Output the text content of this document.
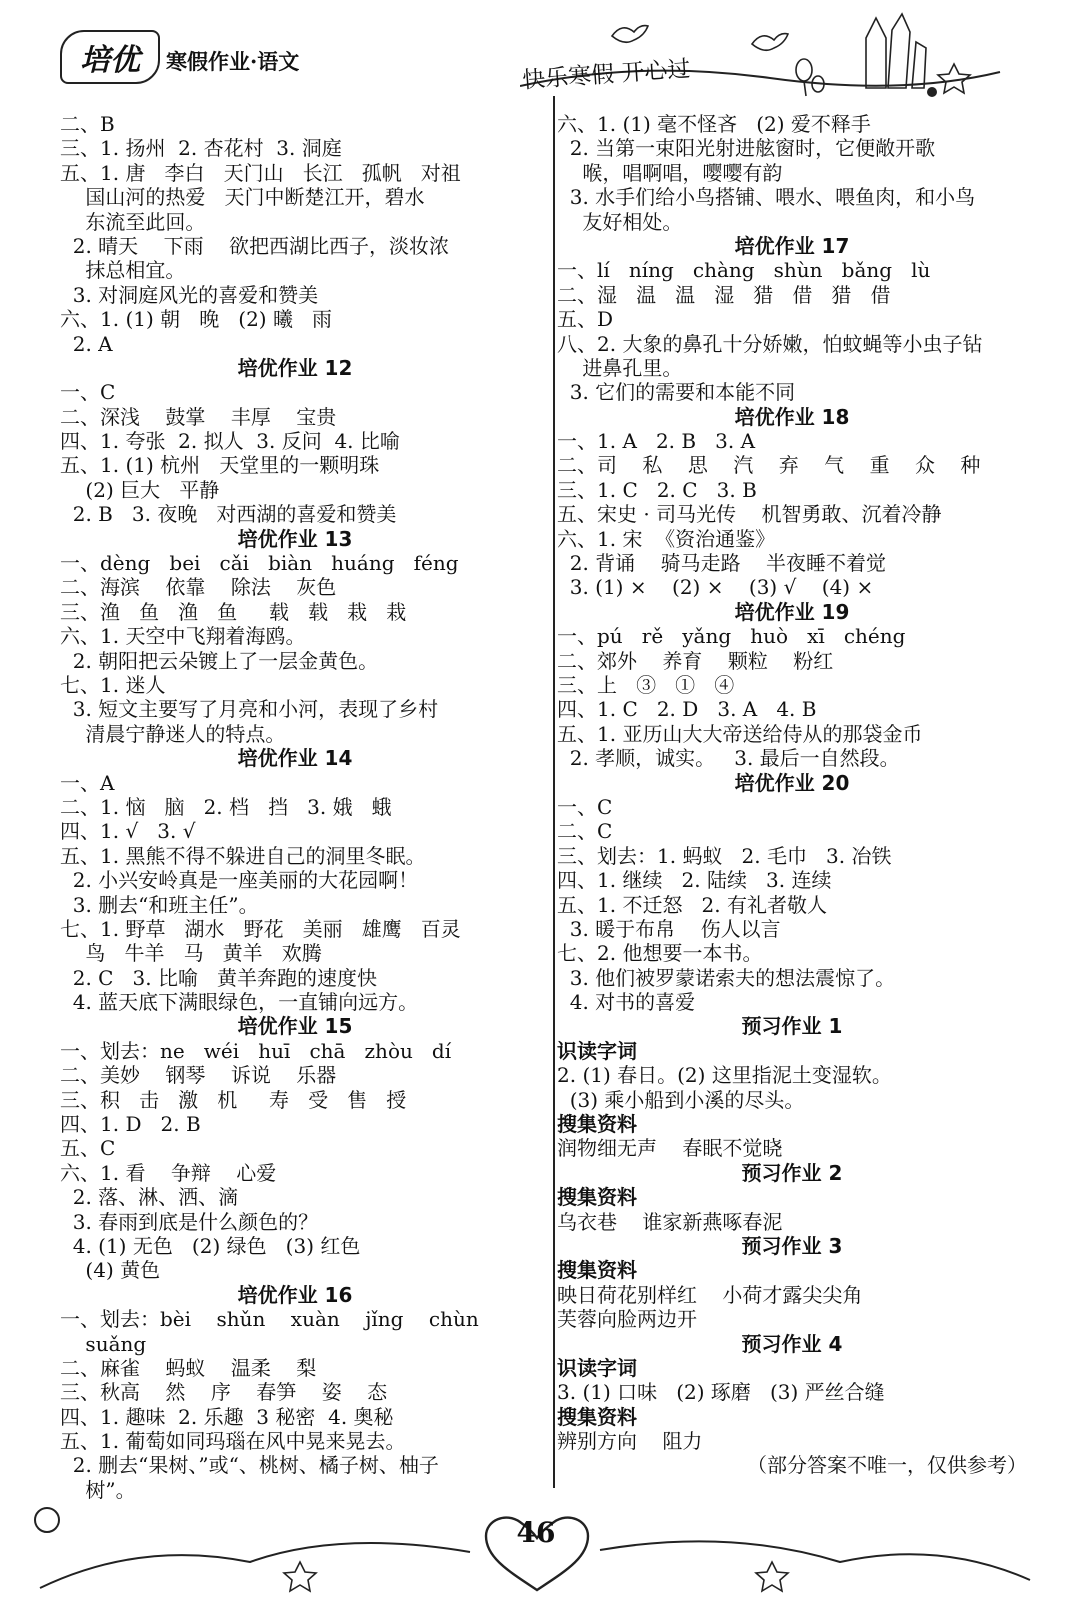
培优 寒假作业·语文	快乐寒假 开心过
二、B
三、1. 扬州  2. 杏花村  3. 洞庭
五、1. 唐   李白   天门山   长江   孤帆   对祖
国山河的热爱   天门中断楚江开，碧水
东流至此回。
2. 晴天    下雨    欲把西湖比西子，淡妆浓
抹总相宜。
3. 对洞庭风光的喜爱和赞美
六、1. (1) 朝   晚   (2) 曦   雨
2. A
培优作业 12
一、C
二、深浅    鼓掌    丰厚    宝贵
四、1. 夸张  2. 拟人  3. 反问  4. 比喻
五、1. (1) 杭州   天堂里的一颗明珠
(2) 巨大   平静
2. B   3. 夜晚   对西湖的喜爱和赞美
培优作业 13
一、dèng   bei   cǎi   biàn   huáng   féng
二、海滨    依靠    除法    灰色
三、渔   鱼   渔   鱼     载   载   栽   栽
六、1. 天空中飞翔着海鸥。
2. 朝阳把云朵镀上了一层金黄色。
七、1. 迷人
3. 短文主要写了月亮和小河，表现了乡村
清晨宁静迷人的特点。
培优作业 14
一、A
二、1. 恼   脑   2. 档   挡   3. 娥   蛾
四、1. √   3. √
五、1. 黑熊不得不躲进自己的洞里冬眠。
2. 小兴安岭真是一座美丽的大花园啊！
3. 删去“和班主任”。
七、1. 野草   湖水   野花   美丽   雄鹰   百灵
鸟   牛羊   马   黄羊   欢腾
2. C   3. 比喻   黄羊奔跑的速度快
4. 蓝天底下满眼绿色，一直铺向远方。
培优作业 15
一、划去：ne   wéi   huī   chā   zhòu   dí
二、美妙    钢琴    诉说    乐器
三、积   击   激   机     寿   受   售   授
四、1. D   2. B
五、C
六、1. 看    争辩    心爱
2. 落、淋、洒、滴
3. 春雨到底是什么颜色的？
4. (1) 无色   (2) 绿色   (3) 红色
(4) 黄色
培优作业 16
一、划去：bèi    shǔn    xuàn    jǐng    chùn
suǎng
二、麻雀    蚂蚁    温柔    梨
三、秋高    然    序    春笋    姿    态
四、1. 趣味  2. 乐趣  3 秘密  4. 奥秘
五、1. 葡萄如同玛瑙在风中晃来晃去。
2. 删去“果树、”或“、桃树、橘子树、柚子
树”。
六、1. (1) 毫不怪吝   (2) 爱不释手
2. 当第一束阳光射进舷窗时，它便敞开歌
喉，唱啊唱，嘤嘤有韵
3. 水手们给小鸟搭铺、喂水、喂鱼肉，和小鸟
友好相处。
培优作业 17
一、lí   níng   chàng   shùn   bǎng   lù
二、湿   温   温   湿   猎   借   猎   借
五、D
八、2. 大象的鼻孔十分娇嫩，怕蚊蝇等小虫子钻
进鼻孔里。
3. 它们的需要和本能不同
培优作业 18
一、1. A   2. B   3. A
二、司    私    思    汽    弃    气    重    众    种
三、1. C   2. C   3. B
五、宋史 · 司马光传    机智勇敢、沉着冷静
六、1. 宋  《资治通鉴》
2. 背诵    骑马走路    半夜睡不着觉
3. (1) ×    (2) ×    (3) √    (4) ×
培优作业 19
一、pú   rě   yǎng   huò   xī   chéng
二、郊外    养育    颗粒    粉红
三、上   ③   ①   ④
四、1. C   2. D   3. A   4. B
五、1. 亚历山大大帝送给侍从的那袋金币
2. 孝顺，诚实。   3. 最后一自然段。
培优作业 20
一、C
二、C
三、划去：1. 蚂蚁   2. 毛巾   3. 冶铁
四、1. 继续   2. 陆续   3. 连续
五、1. 不迁怒   2. 有礼者敬人
3. 暖于布帛    伤人以言
七、2. 他想要一本书。
3. 他们被罗蒙诺索夫的想法震惊了。
4. 对书的喜爱
预习作业 1
识读字词
2. (1) 春日。(2) 这里指泥土变湿软。
(3) 乘小船到小溪的尽头。
搜集资料
润物细无声    春眠不觉晓
预习作业 2
搜集资料
乌衣巷    谁家新燕啄春泥
预习作业 3
搜集资料
映日荷花别样红    小荷才露尖尖角
芙蓉向脸两边开
预习作业 4
识读字词
3. (1) 口味   (2) 琢磨   (3) 严丝合缝
搜集资料
辨别方向    阻力
（部分答案不唯一，仅供参考）
46
